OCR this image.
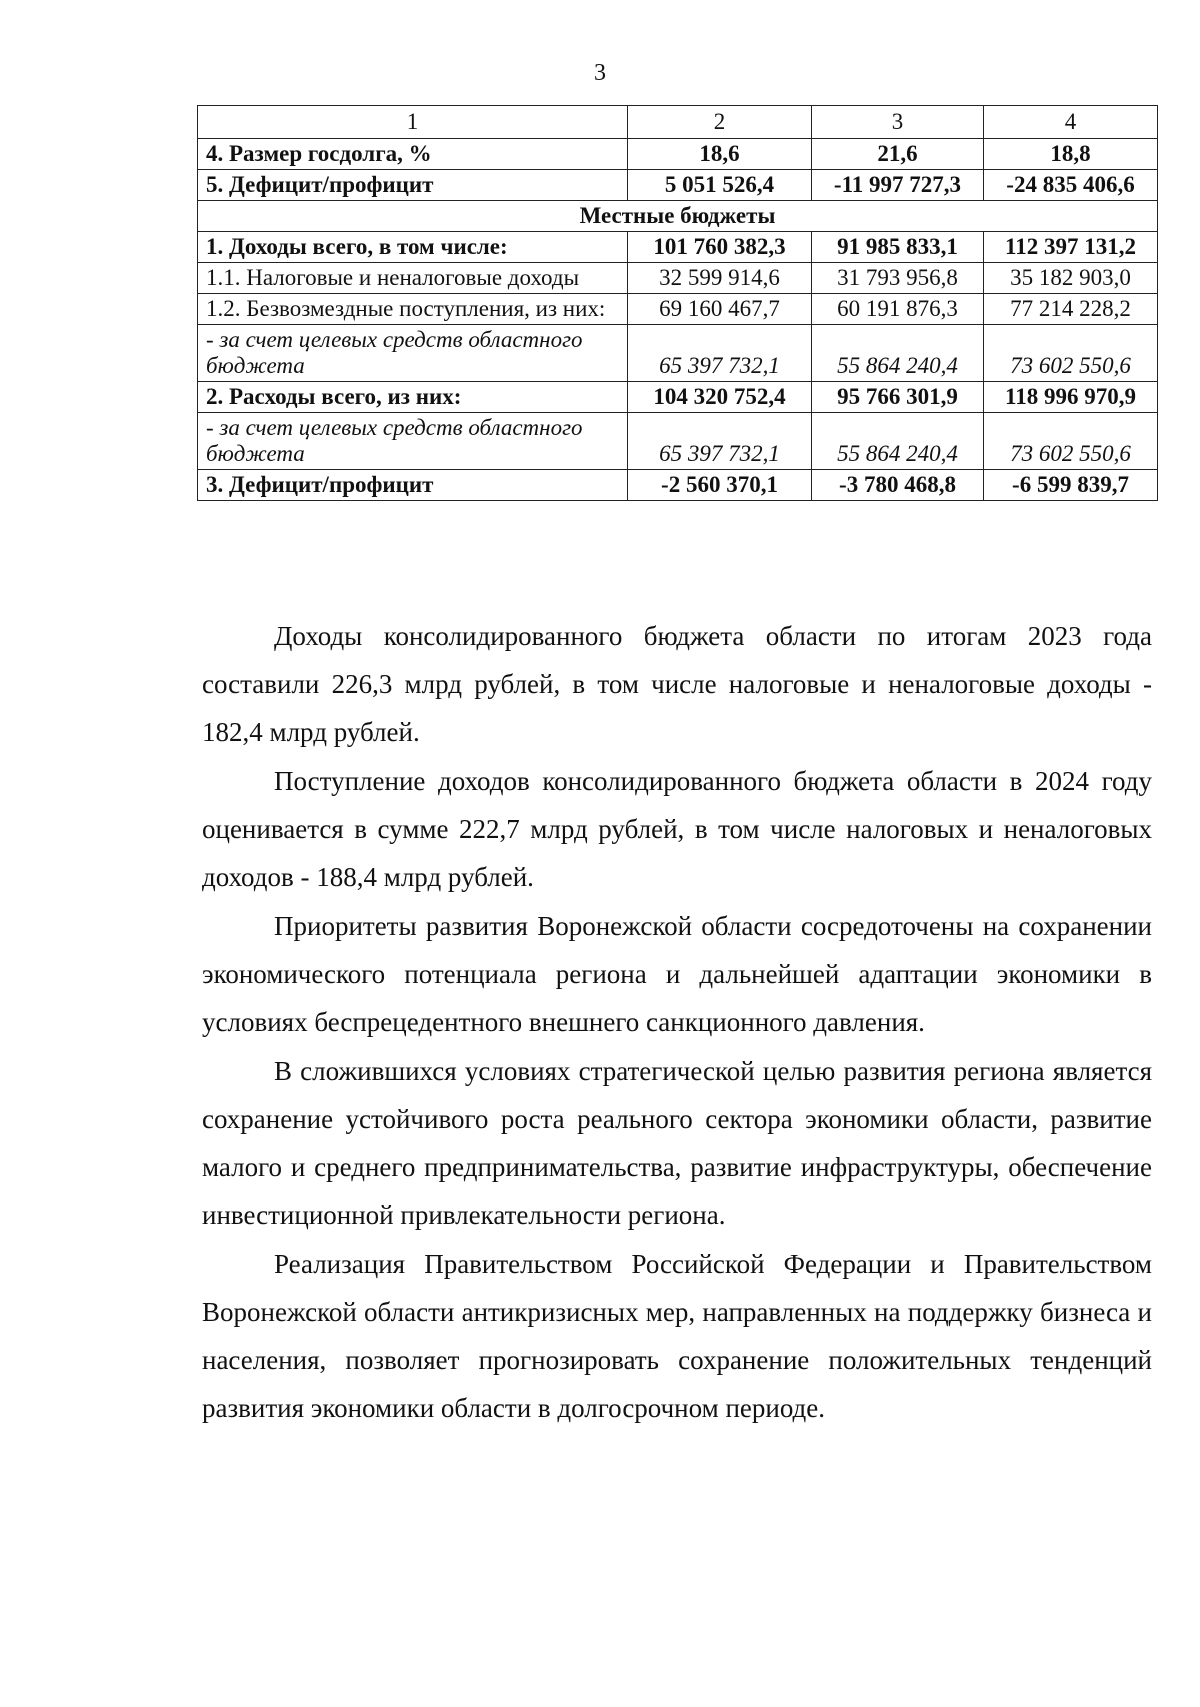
3
1	2	3	4
4. Размер госдолга, %	18,6	21,6	18,8
5. Дефицит/профицит	5 051 526,4	-11 997 727,3	-24 835 406,6
Местные бюджеты			
1. Доходы всего, в том числе:	101 760 382,3	91 985 833,1	112 397 131,2
1.1. Налоговые и неналоговые доходы	32 599 914,6	31 793 956,8	35 182 903,0
1.2. Безвозмездные поступления, из них:	69 160 467,7	60 191 876,3	77 214 228,2
- за счет целевых средств областного бюджета	65 397 732,1	55 864 240,4	73 602 550,6
2. Расходы всего, из них:	104 320 752,4	95 766 301,9	118 996 970,9
- за счет целевых средств областного бюджета	65 397 732,1	55 864 240,4	73 602 550,6
3. Дефицит/профицит	-2 560 370,1	-3 780 468,8	-6 599 839,7

Доходы консолидированного бюджета области по итогам 2023 года составили 226,3 млрд рублей, в том числе налоговые и неналоговые доходы - 182,4 млрд рублей.

Поступление доходов консолидированного бюджета области в 2024 году оценивается в сумме 222,7 млрд рублей, в том числе налоговых и неналоговых доходов - 188,4 млрд рублей.

Приоритеты развития Воронежской области сосредоточены на сохранении экономического потенциала региона и дальнейшей адаптации экономики в условиях беспрецедентного внешнего санкционного давления.

В сложившихся условиях стратегической целью развития региона является сохранение устойчивого роста реального сектора экономики области, развитие малого и среднего предпринимательства, развитие инфраструктуры, обеспечение инвестиционной привлекательности региона.

Реализация Правительством Российской Федерации и Правительством Воронежской области антикризисных мер, направленных на поддержку бизнеса и населения, позволяет прогнозировать сохранение положительных тенденций развития экономики области в долгосрочном периоде.
